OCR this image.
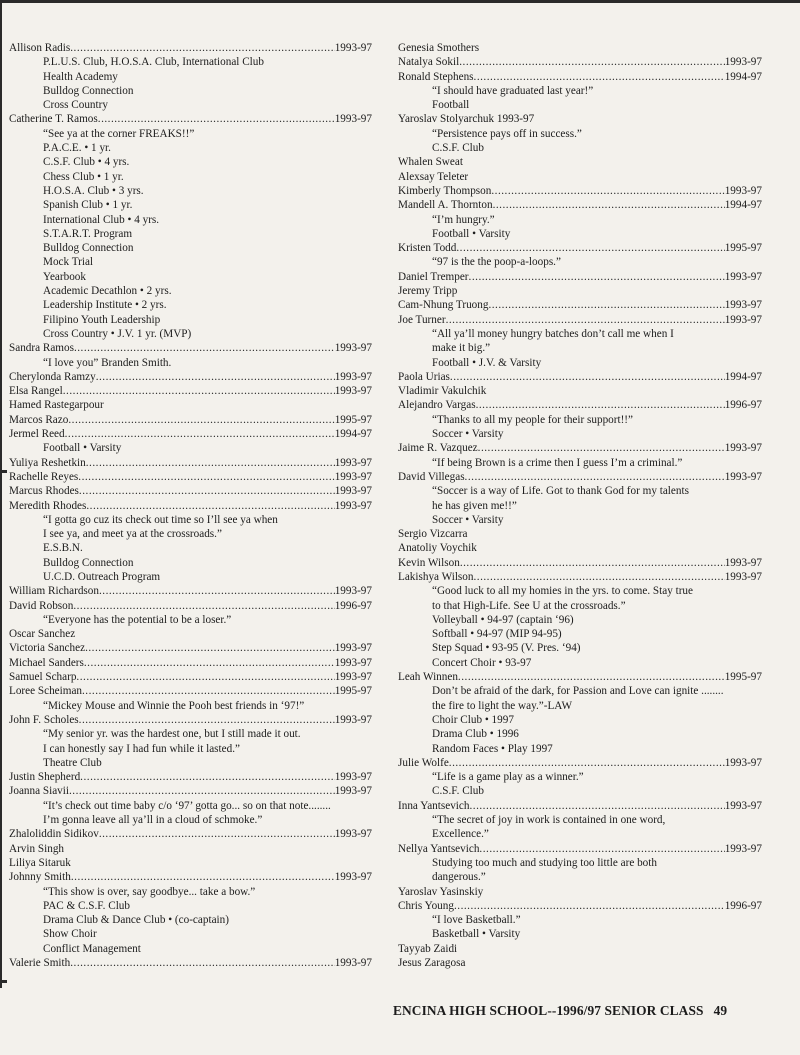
Allison Radis .....	1993-97
P.L.U.S. Club, H.O.S.A. Club, International Club
Health Academy
Bulldog Connection
Cross Country
Catherine T. Ramos .....	1993-97
“See ya at the corner FREAKS!!”
P.A.C.E. • 1 yr.
C.S.F. Club • 4 yrs.
Chess Club • 1 yr.
H.O.S.A. Club • 3 yrs.
Spanish Club • 1 yr.
International Club • 4 yrs.
S.T.A.R.T. Program
Bulldog Connection
Mock Trial
Yearbook
Academic Decathlon • 2 yrs.
Leadership Institute • 2 yrs.
Filipino Youth Leadership
Cross Country • J.V. 1 yr. (MVP)
Sandra Ramos .....	1993-97
“I love you” Branden Smith.
Cherylonda Ramzy .....	1993-97
Elsa Rangel .....	1993-97
Hamed Rastegarpour
Marcos Razo .....	1995-97
Jermel Reed .....	1994-97
Football • Varsity
Yuliya Reshetkin .....	1993-97
Rachelle Reyes .....	1993-97
Marcus Rhodes .....	1993-97
Meredith Rhodes .....	1993-97
“I gotta go cuz its check out time so I’ll see ya when
I see ya, and meet ya at the crossroads.”
E.S.B.N.
Bulldog Connection
U.C.D. Outreach Program
William Richardson .....	1993-97
David Robson .....	1996-97
“Everyone has the potential to be a loser.”
Oscar Sanchez
Victoria Sanchez .....	1993-97
Michael Sanders .....	1993-97
Samuel Scharp .....	1993-97
Loree Scheiman .....	1995-97
“Mickey Mouse and Winnie the Pooh best friends in ‘97!”
John F. Scholes .....	1993-97
“My senior yr. was the hardest one, but I still made it out.
I can honestly say I had fun while it lasted.”
Theatre Club
Justin Shepherd .....	1993-97
Joanna Siavii .....	1993-97
“It’s check out time baby c/o ‘97’ gotta go... so on that note........
I’m gonna leave all ya’ll in a cloud of schmoke.”
Zhaloliddin Sidikov .....	1993-97
Arvin Singh
Liliya Sitaruk
Johnny Smith .....	1993-97
“This show is over, say goodbye... take a bow.”
PAC & C.S.F. Club
Drama Club & Dance Club • (co-captain)
Show Choir
Conflict Management
Valerie Smith .....	1993-97
Genesia Smothers
Natalya Sokil .....	1993-97
Ronald Stephens .....	1994-97
“I should have graduated last year!”
Football
Yaroslav Stolyarchuk 1993-97
“Persistence pays off in success.”
C.S.F. Club
Whalen Sweat
Alexsay Teleter
Kimberly Thompson .....	1993-97
Mandell A. Thornton .....	1994-97
“I’m hungry.”
Football • Varsity
Kristen Todd .....	1995-97
“97 is the the poop-a-loops.”
Daniel Tremper .....	1993-97
Jeremy Tripp
Cam-Nhung Truong .....	1993-97
Joe Turner .....	1993-97
“All ya’ll money hungry batches don’t call me when I
make it big.”
Football • J.V. & Varsity
Paola Urias .....	1994-97
Vladimir Vakulchik
Alejandro Vargas .....	1996-97
“Thanks to all my people for their support!!”
Soccer • Varsity
Jaime R. Vazquez .....	1993-97
“If being Brown is a crime then I guess I’m a criminal.”
David Villegas .....	1993-97
“Soccer is a way of Life. Got to thank God for my talents
he has given me!!”
Soccer • Varsity
Sergio Vizcarra
Anatoliy Voychik
Kevin Wilson .....	1993-97
Lakishya Wilson .....	1993-97
“Good luck to all my homies in the yrs. to come. Stay true
to that High-Life. See U at the crossroads.”
Volleyball • 94-97 (captain ‘96)
Softball • 94-97 (MIP 94-95)
Step Squad • 93-95 (V. Pres. ‘94)
Concert Choir • 93-97
Leah Winnen .....	1995-97
Don’t be afraid of the dark, for Passion and Love can ignite ........
the fire to light the way.”-LAW
Choir Club • 1997
Drama Club • 1996
Random Faces • Play 1997
Julie Wolfe .....	1993-97
“Life is a game play as a winner.”
C.S.F. Club
Inna Yantsevich .....	1993-97
“The secret of joy in work is contained in one word,
Excellence.”
Nellya Yantsevich .....	1993-97
Studying too much and studying too little are both
dangerous.”
Yaroslav Yasinskiy
Chris Young .....	1996-97
“I love Basketball.”
Basketball • Varsity
Tayyab Zaidi
Jesus Zaragosa
ENCINA HIGH SCHOOL--1996/97 SENIOR CLASS 49
